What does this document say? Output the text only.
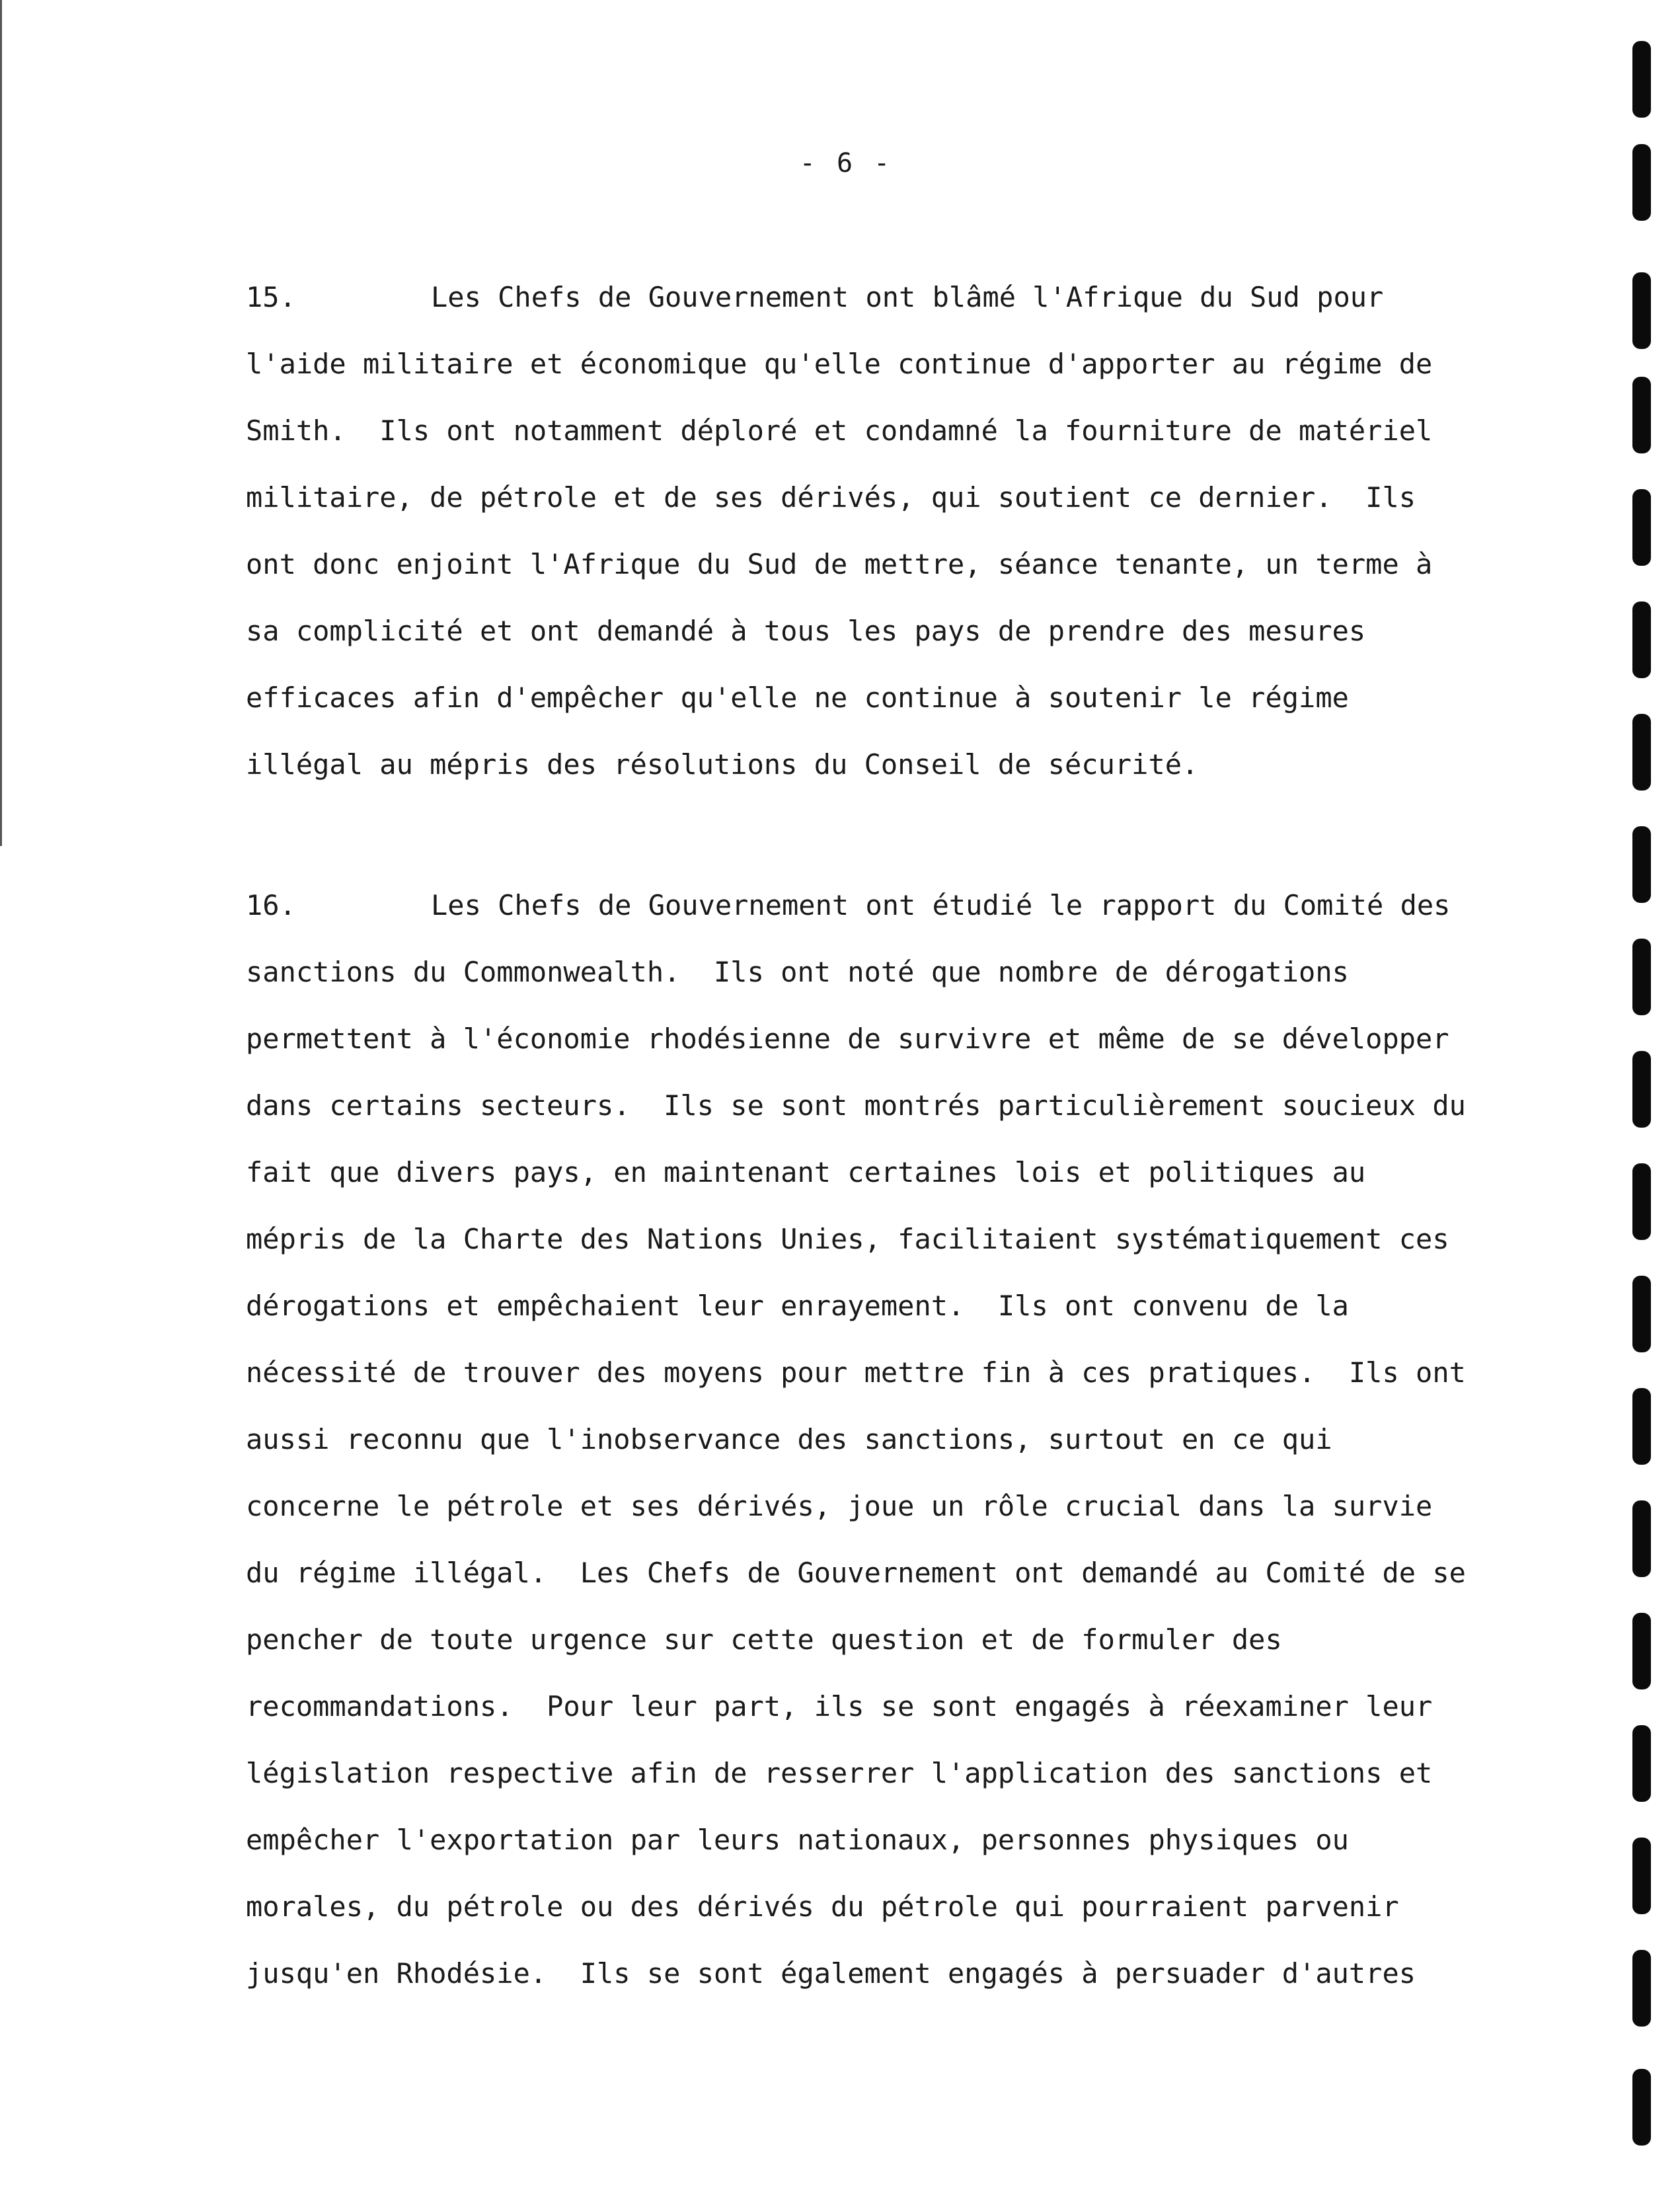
- 6 -

15.

	Les Chefs de Gouvernement ont blâmé l'Afrique du Sud pour

l'aide militaire et économique qu'elle continue d'apporter au régime de
Smith.  Ils ont notamment déploré et condamné la fourniture de matériel
militaire, de pétrole et de ses dérivés, qui soutient ce dernier.  Ils
ont donc enjoint l'Afrique du Sud de mettre, séance tenante, un terme à
sa complicité et ont demandé à tous les pays de prendre des mesures
efficaces afin d'empêcher qu'elle ne continue à soutenir le régime
illégal au mépris des résolutions du Conseil de sécurité.

16.

	Les Chefs de Gouvernement ont étudié le rapport du Comité des

sanctions du Commonwealth.  Ils ont noté que nombre de dérogations
permettent à l'économie rhodésienne de survivre et même de se développer
dans certains secteurs.  Ils se sont montrés particulièrement soucieux du
fait que divers pays, en maintenant certaines lois et politiques au
mépris de la Charte des Nations Unies, facilitaient systématiquement ces
dérogations et empêchaient leur enrayement.  Ils ont convenu de la
nécessité de trouver des moyens pour mettre fin à ces pratiques.  Ils ont
aussi reconnu que l'inobservance des sanctions, surtout en ce qui
concerne le pétrole et ses dérivés, joue un rôle crucial dans la survie
du régime illégal.  Les Chefs de Gouvernement ont demandé au Comité de se
pencher de toute urgence sur cette question et de formuler des
recommandations.  Pour leur part, ils se sont engagés à réexaminer leur
législation respective afin de resserrer l'application des sanctions et
empêcher l'exportation par leurs nationaux, personnes physiques ou
morales, du pétrole ou des dérivés du pétrole qui pourraient parvenir
jusqu'en Rhodésie.  Ils se sont également engagés à persuader d'autres
